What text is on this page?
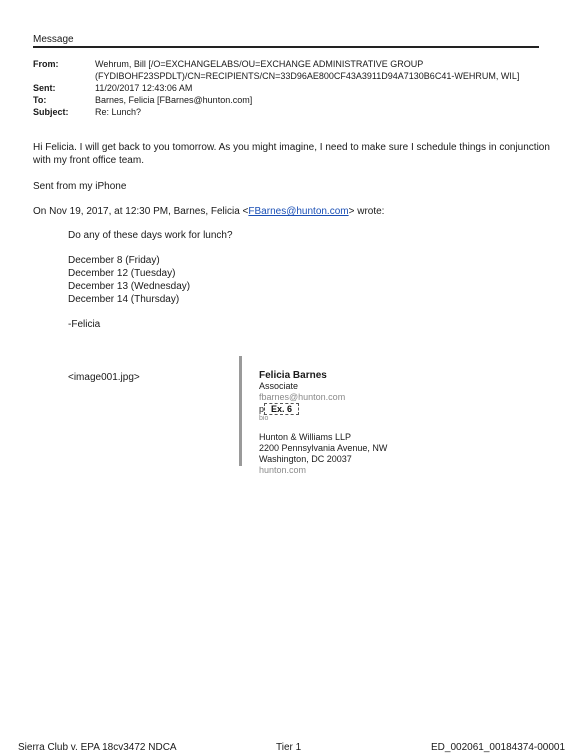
Message
From:	Wehrum, Bill [/O=EXCHANGELABS/OU=EXCHANGE ADMINISTRATIVE GROUP
(FYDIBOHF23SPDLT)/CN=RECIPIENTS/CN=33D96AE800CF43A3911D94A7130B6C41-WEHRUM, WIL]
Sent:	11/20/2017 12:43:06 AM
To:	Barnes, Felicia [FBarnes@hunton.com]
Subject:	Re: Lunch?
Hi Felicia. I will get back to you tomorrow. As you might imagine, I need to make sure I schedule things in conjunction
with my front office team.
Sent from my iPhone
On Nov 19, 2017, at 12:30 PM, Barnes, Felicia <FBarnes@hunton.com> wrote:
Do any of these days work for lunch?
December 8 (Friday)
December 12 (Tuesday)
December 13 (Wednesday)
December 14 (Thursday)
-Felicia
<image001.jpg>	Felicia Barnes
Associate
fbarnes@hunton.com
p Ex. 6
bio
Hunton & Williams LLP
2200 Pennsylvania Avenue, NW
Washington, DC 20037
hunton.com
Sierra Club v. EPA 18cv3472 NDCA	Tier 1	ED_002061_00184374-00001
